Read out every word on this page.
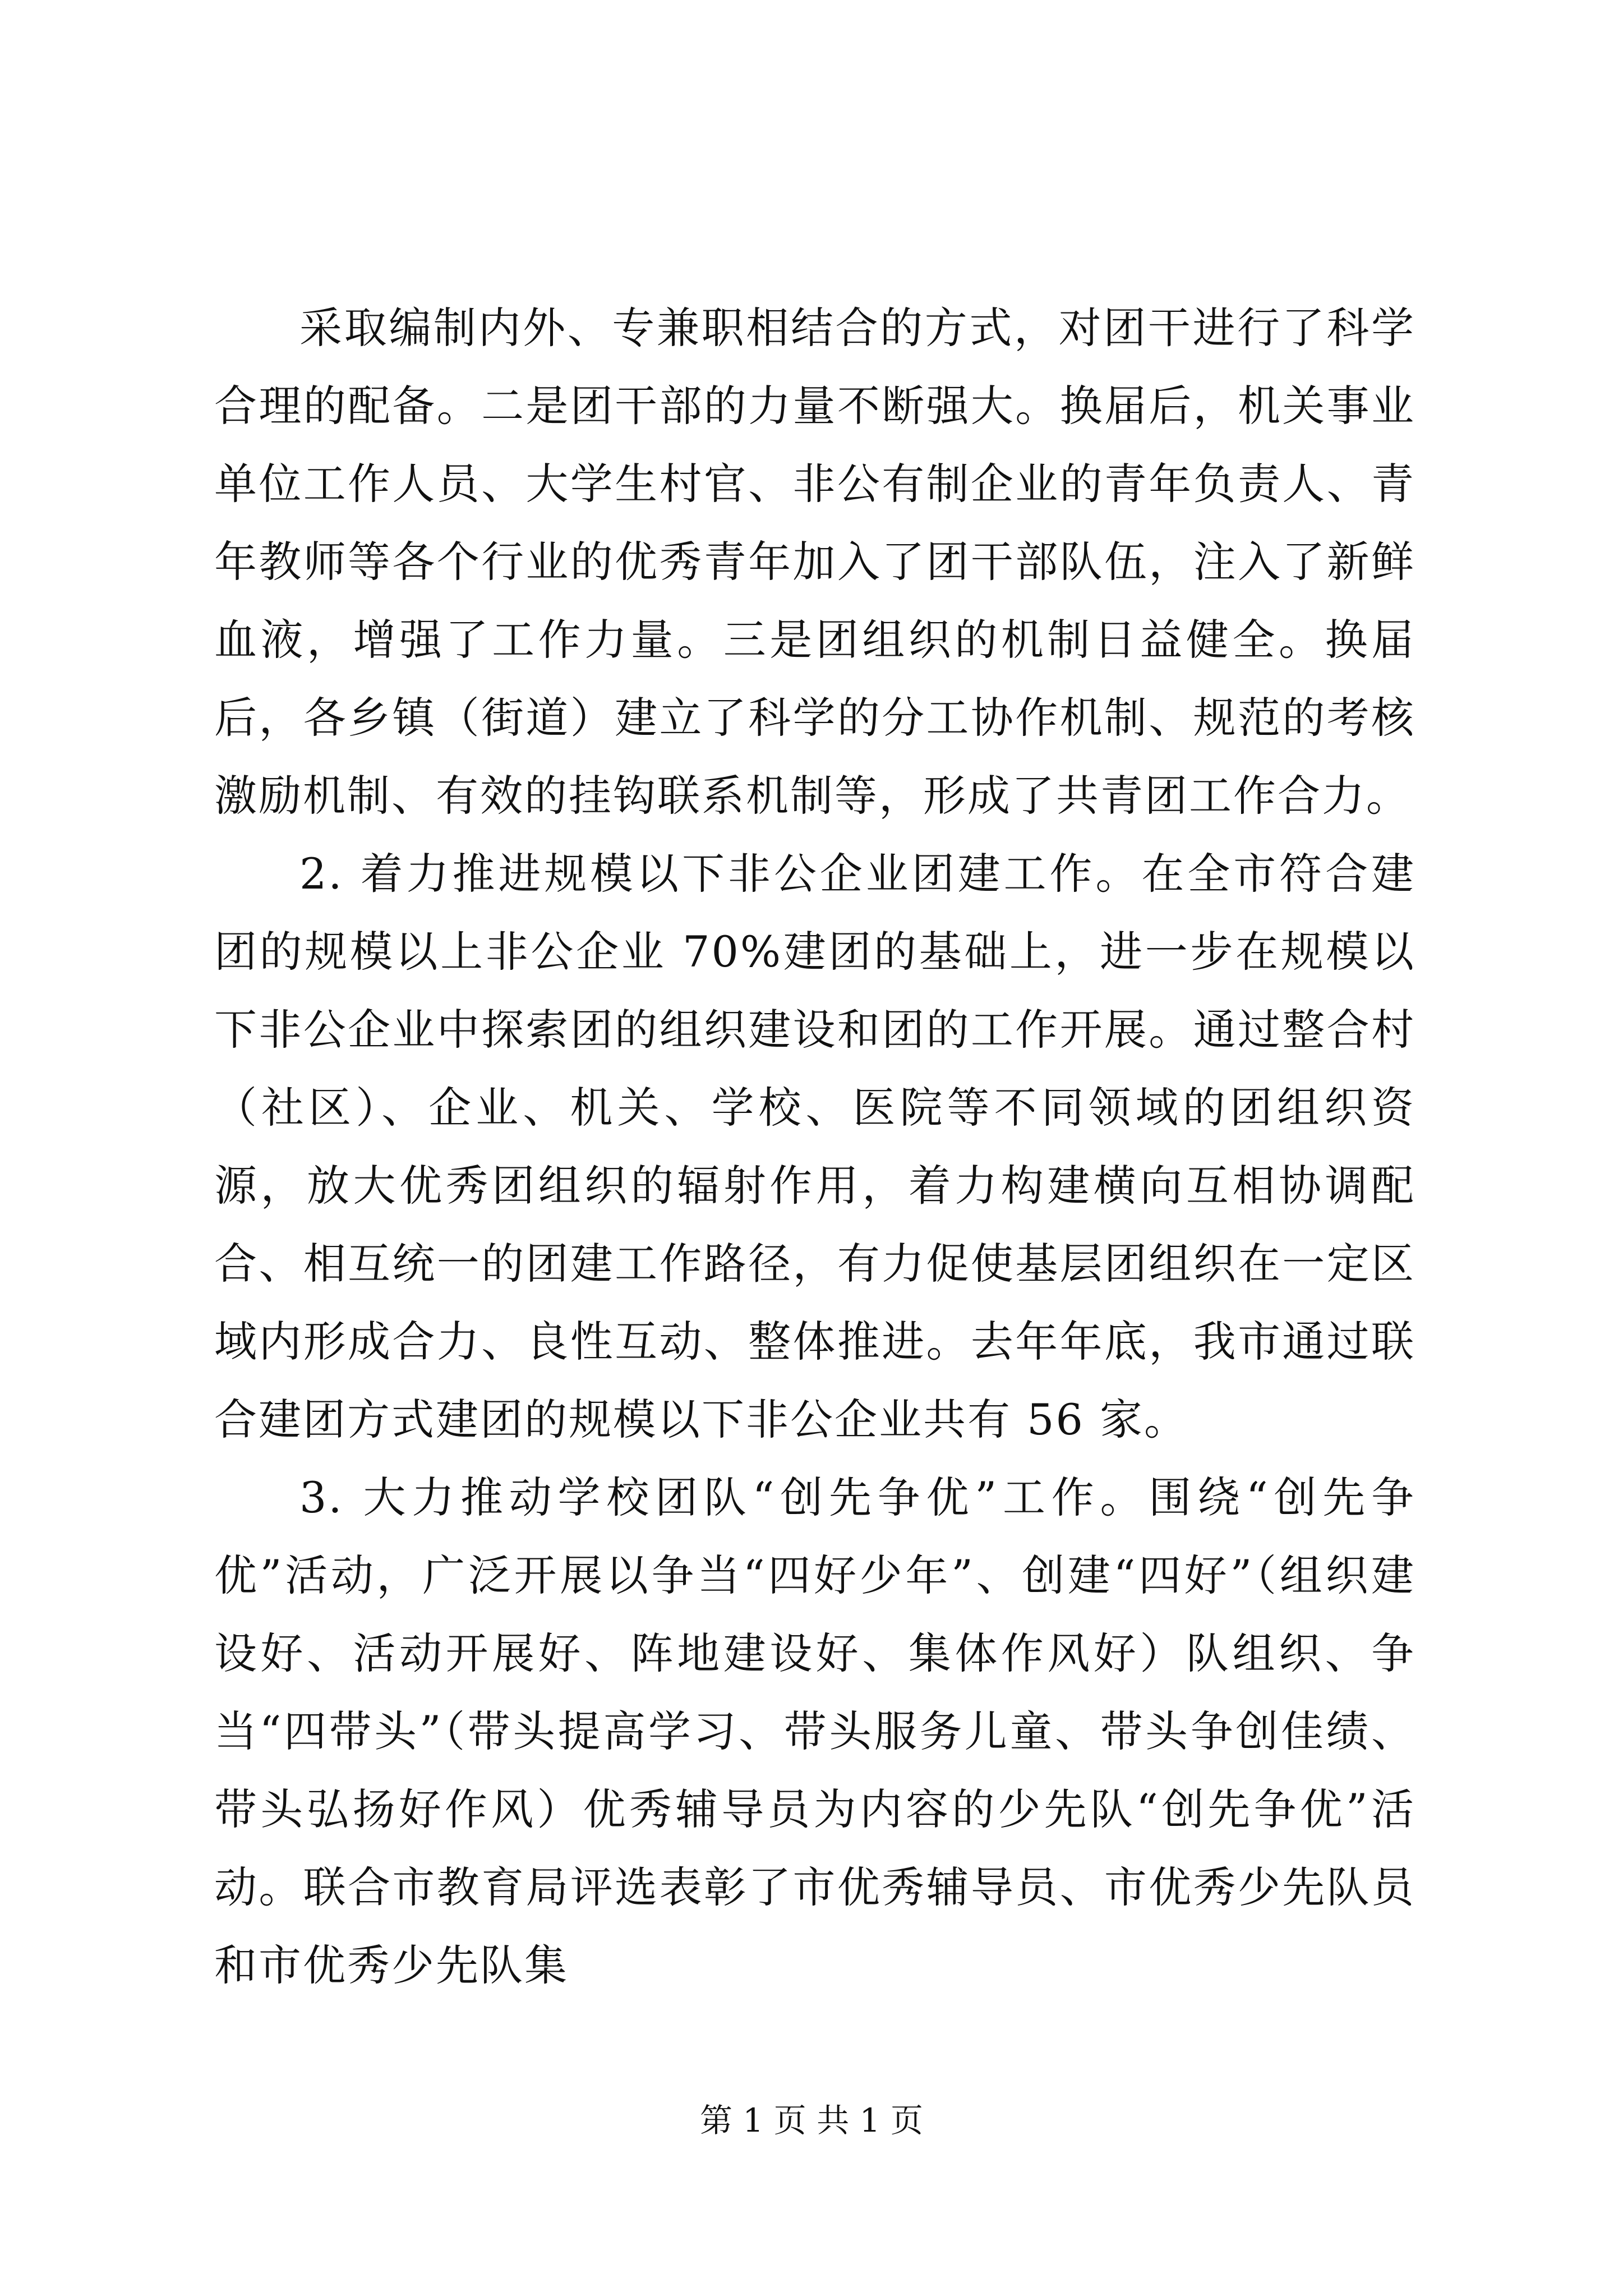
采取编制内外、专兼职相结合的方式，对团干进行了科学合理的配备。二是团干部的力量不断强大。换届后，机关事业单位工作人员、大学生村官、非公有制企业的青年负责人、青年教师等各个行业的优秀青年加入了团干部队伍，注入了新鲜血液，增强了工作力量。三是团组织的机制日益健全。换届后，各乡镇（街道）建立了科学的分工协作机制、规范的考核激励机制、有效的挂钩联系机制等，形成了共青团工作合力。

2. 着力推进规模以下非公企业团建工作。在全市符合建团的规模以上非公企业 70%建团的基础上，进一步在规模以下非公企业中探索团的组织建设和团的工作开展。通过整合村（社区）、企业、机关、学校、医院等不同领域的团组织资源，放大优秀团组织的辐射作用，着力构建横向互相协调配合、相互统一的团建工作路径，有力促使基层团组织在一定区域内形成合力、良性互动、整体推进。去年年底，我市通过联合建团方式建团的规模以下非公企业共有 56 家。

3. 大力推动学校团队“创先争优”工作。围绕“创先争优”活动，广泛开展以争当“四好少年”、创建“四好”（组织建设好、活动开展好、阵地建设好、集体作风好）队组织、争当“四带头”（带头提高学习、带头服务儿童、带头争创佳绩、带头弘扬好作风）优秀辅导员为内容的少先队“创先争优”活动。联合市教育局评选表彰了市优秀辅导员、市优秀少先队员和市优秀少先队集

第 1 页 共 1 页
